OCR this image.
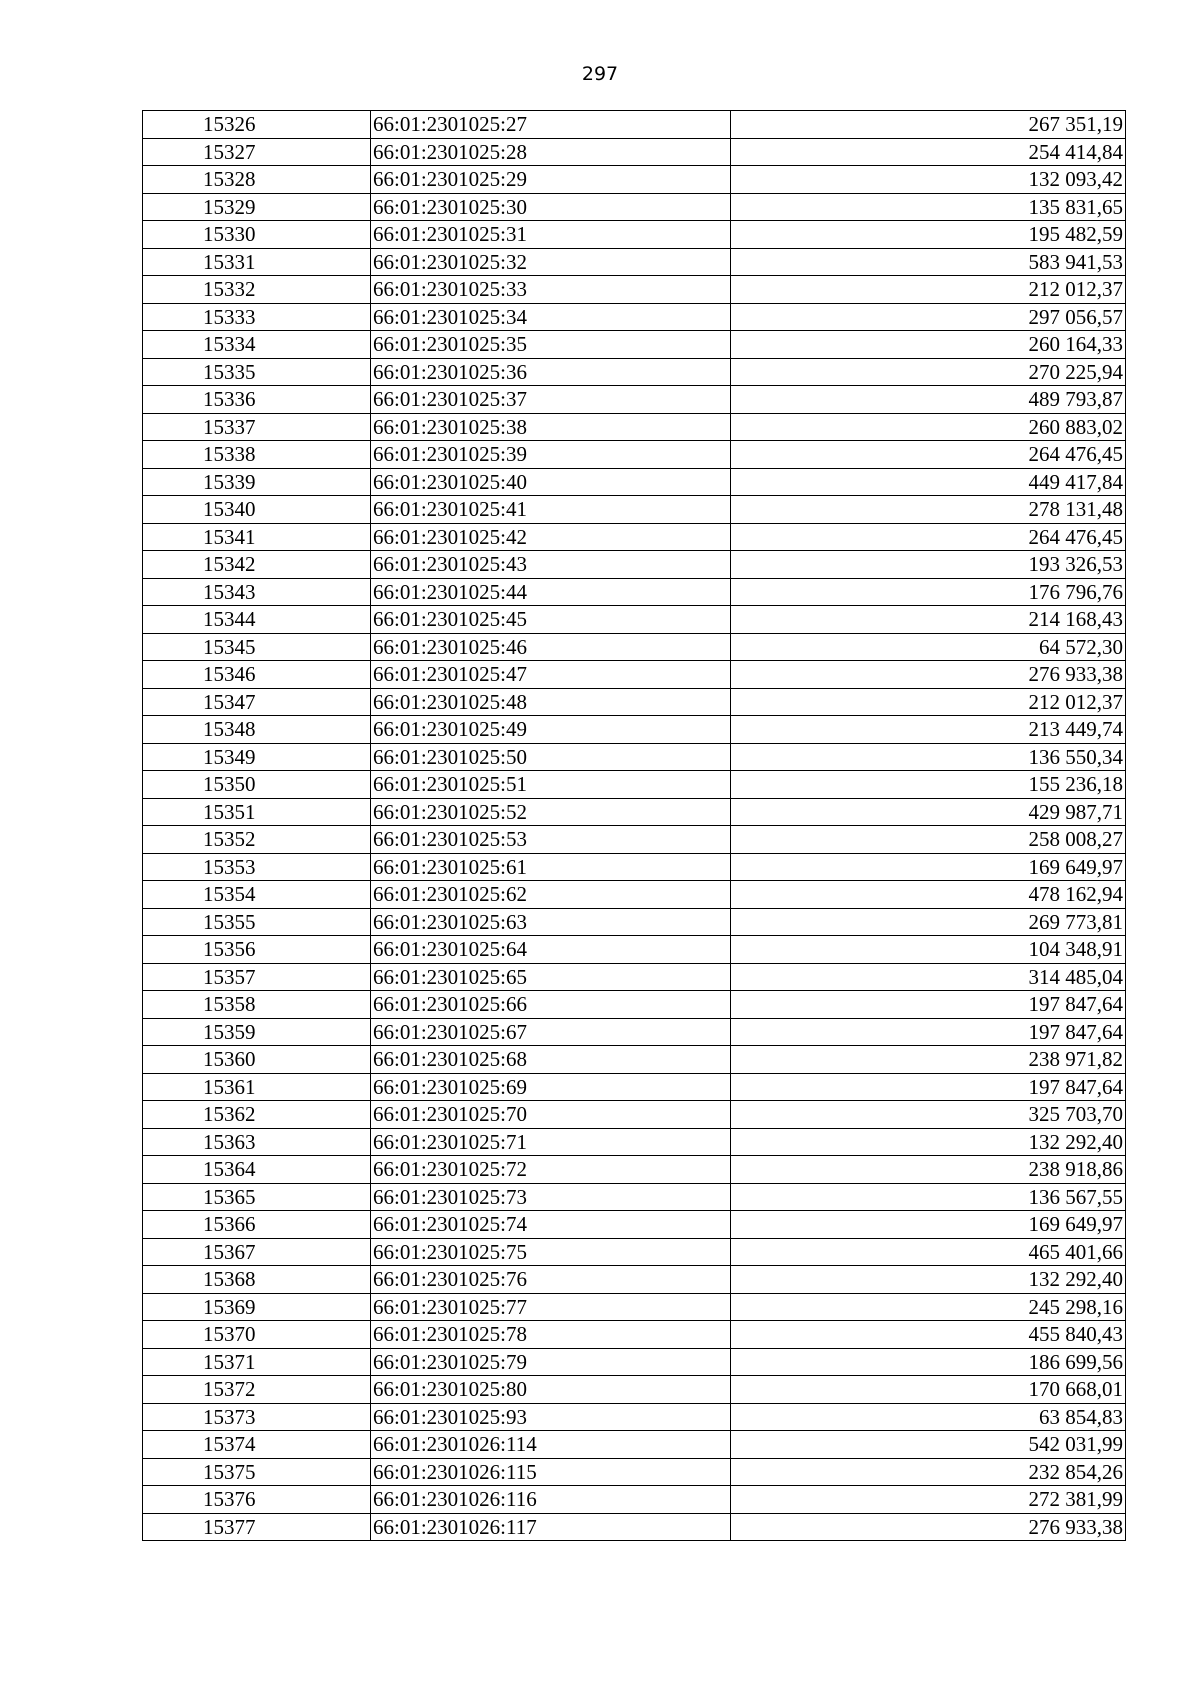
297
15326	66:01:2301025:27	267 351,19
15327	66:01:2301025:28	254 414,84
15328	66:01:2301025:29	132 093,42
15329	66:01:2301025:30	135 831,65
15330	66:01:2301025:31	195 482,59
15331	66:01:2301025:32	583 941,53
15332	66:01:2301025:33	212 012,37
15333	66:01:2301025:34	297 056,57
15334	66:01:2301025:35	260 164,33
15335	66:01:2301025:36	270 225,94
15336	66:01:2301025:37	489 793,87
15337	66:01:2301025:38	260 883,02
15338	66:01:2301025:39	264 476,45
15339	66:01:2301025:40	449 417,84
15340	66:01:2301025:41	278 131,48
15341	66:01:2301025:42	264 476,45
15342	66:01:2301025:43	193 326,53
15343	66:01:2301025:44	176 796,76
15344	66:01:2301025:45	214 168,43
15345	66:01:2301025:46	64 572,30
15346	66:01:2301025:47	276 933,38
15347	66:01:2301025:48	212 012,37
15348	66:01:2301025:49	213 449,74
15349	66:01:2301025:50	136 550,34
15350	66:01:2301025:51	155 236,18
15351	66:01:2301025:52	429 987,71
15352	66:01:2301025:53	258 008,27
15353	66:01:2301025:61	169 649,97
15354	66:01:2301025:62	478 162,94
15355	66:01:2301025:63	269 773,81
15356	66:01:2301025:64	104 348,91
15357	66:01:2301025:65	314 485,04
15358	66:01:2301025:66	197 847,64
15359	66:01:2301025:67	197 847,64
15360	66:01:2301025:68	238 971,82
15361	66:01:2301025:69	197 847,64
15362	66:01:2301025:70	325 703,70
15363	66:01:2301025:71	132 292,40
15364	66:01:2301025:72	238 918,86
15365	66:01:2301025:73	136 567,55
15366	66:01:2301025:74	169 649,97
15367	66:01:2301025:75	465 401,66
15368	66:01:2301025:76	132 292,40
15369	66:01:2301025:77	245 298,16
15370	66:01:2301025:78	455 840,43
15371	66:01:2301025:79	186 699,56
15372	66:01:2301025:80	170 668,01
15373	66:01:2301025:93	63 854,83
15374	66:01:2301026:114	542 031,99
15375	66:01:2301026:115	232 854,26
15376	66:01:2301026:116	272 381,99
15377	66:01:2301026:117	276 933,38
